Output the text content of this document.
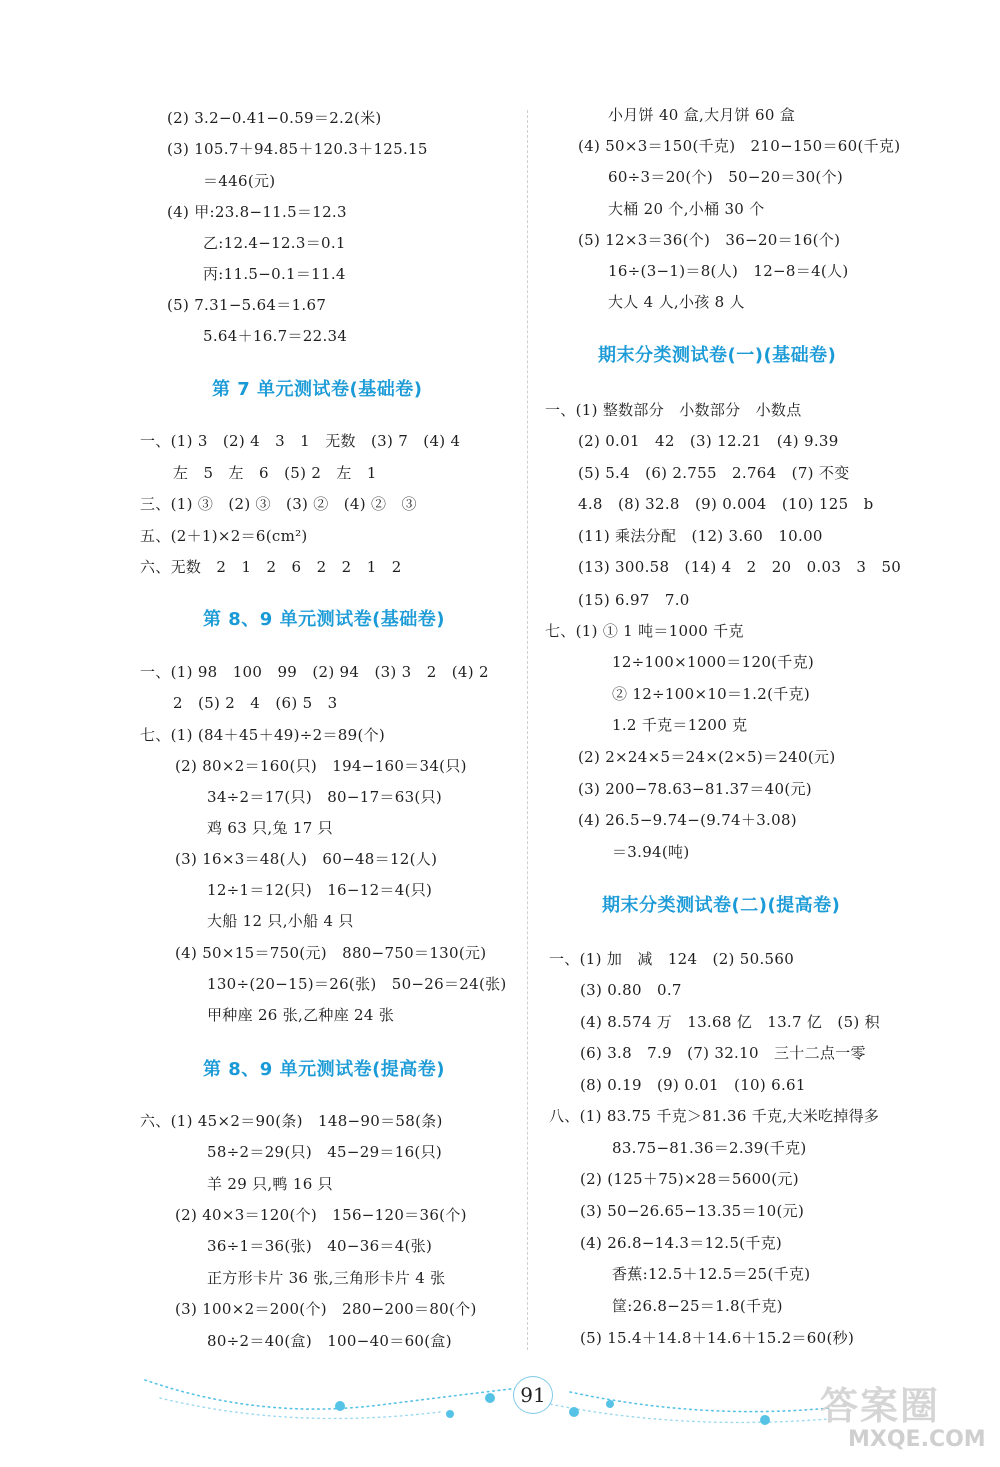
(2) 3.2−0.41−0.59＝2.2(米)
(3) 105.7＋94.85＋120.3＋125.15
＝446(元)
(4) 甲:23.8−11.5＝12.3
乙:12.4−12.3＝0.1
丙:11.5−0.1＝11.4
(5) 7.31−5.64＝1.67
5.64＋16.7＝22.34
第 7 单元测试卷(基础卷)
一、(1) 3   (2) 4   3   1   无数   (3) 7   (4) 4
左   5   左   6   (5) 2   左   1
三、(1) ③   (2) ③   (3) ②   (4) ②   ③
五、(2＋1)×2＝6(cm²)
六、无数   2   1   2   6   2   2   1   2
第 8、9 单元测试卷(基础卷)
一、(1) 98   100   99   (2) 94   (3) 3   2   (4) 2
2   (5) 2   4   (6) 5   3
七、(1) (84＋45＋49)÷2＝89(个)
(2) 80×2＝160(只)   194−160＝34(只)
34÷2＝17(只)   80−17＝63(只)
鸡 63 只,兔 17 只
(3) 16×3＝48(人)   60−48＝12(人)
12÷1＝12(只)   16−12＝4(只)
大船 12 只,小船 4 只
(4) 50×15＝750(元)   880−750＝130(元)
130÷(20−15)＝26(张)   50−26＝24(张)
甲种座 26 张,乙种座 24 张
第 8、9 单元测试卷(提高卷)
六、(1) 45×2＝90(条)   148−90＝58(条)
58÷2＝29(只)   45−29＝16(只)
羊 29 只,鸭 16 只
(2) 40×3＝120(个)   156−120＝36(个)
36÷1＝36(张)   40−36＝4(张)
正方形卡片 36 张,三角形卡片 4 张
(3) 100×2＝200(个)   280−200＝80(个)
80÷2＝40(盒)   100−40＝60(盒)
小月饼 40 盒,大月饼 60 盒
(4) 50×3＝150(千克)   210−150＝60(千克)
60÷3＝20(个)   50−20＝30(个)
大桶 20 个,小桶 30 个
(5) 12×3＝36(个)   36−20＝16(个)
16÷(3−1)＝8(人)   12−8＝4(人)
大人 4 人,小孩 8 人
期末分类测试卷(一)(基础卷)
一、(1) 整数部分   小数部分   小数点
(2) 0.01   42   (3) 12.21   (4) 9.39
(5) 5.4   (6) 2.755   2.764   (7) 不变
4.8   (8) 32.8   (9) 0.004   (10) 125   b
(11) 乘法分配   (12) 3.60   10.00
(13) 300.58   (14) 4   2   20   0.03   3   50
(15) 6.97   7.0
七、(1) ① 1 吨＝1000 千克
12÷100×1000＝120(千克)
② 12÷100×10＝1.2(千克)
1.2 千克＝1200 克
(2) 2×24×5＝24×(2×5)＝240(元)
(3) 200−78.63−81.37＝40(元)
(4) 26.5−9.74−(9.74＋3.08)
＝3.94(吨)
期末分类测试卷(二)(提高卷)
一、(1) 加   减   124   (2) 50.560
(3) 0.80   0.7
(4) 8.574 万   13.68 亿   13.7 亿   (5) 积
(6) 3.8   7.9   (7) 32.10   三十二点一零
(8) 0.19   (9) 0.01   (10) 6.61
八、(1) 83.75 千克＞81.36 千克,大米吃掉得多
83.75−81.36＝2.39(千克)
(2) (125＋75)×28＝5600(元)
(3) 50−26.65−13.35＝10(元)
(4) 26.8−14.3＝12.5(千克)
香蕉:12.5＋12.5＝25(千克)
筐:26.8−25＝1.8(千克)
(5) 15.4＋14.8＋14.6＋15.2＝60(秒)
91	答案圈
MXQE.COM
